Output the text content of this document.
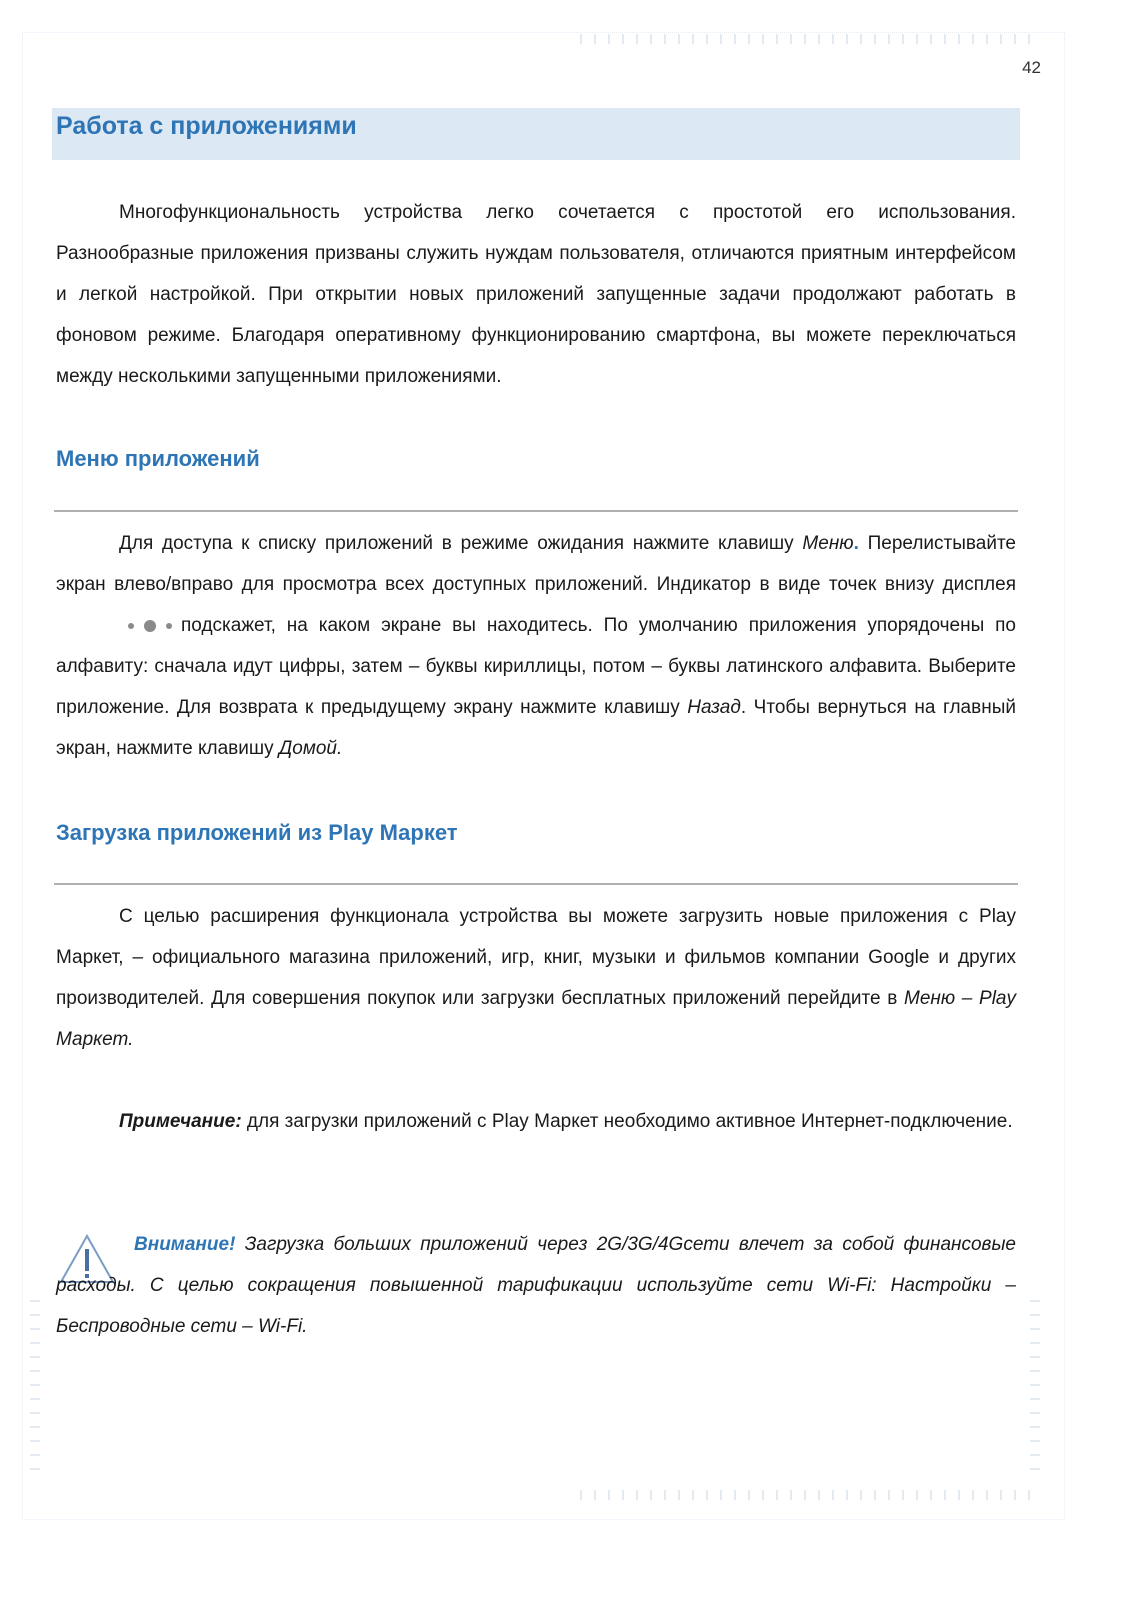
42
Работа с приложениями

Многофункциональность устройства легко сочетается с простотой его использования. Разнообразные приложения призваны служить нуждам пользователя, отличаются приятным интерфейсом и легкой настройкой. При открытии новых приложений запущенные задачи продолжают работать в фоновом режиме. Благодаря оперативному функционированию смартфона, вы можете переключаться между несколькими запущенными приложениями.

Меню приложений

Для доступа к списку приложений в режиме ожидания нажмите клавишу Меню. Перелистывайте экран влево/вправо для просмотра всех доступных приложений. Индикатор в виде точек внизу дисплеяподскажет, на каком экране вы находитесь. По умолчанию приложения упорядочены по алфавиту: сначала идут цифры, затем – буквы кириллицы, потом – буквы латинского алфавита. Выберите приложение. Для возврата к предыдущему экрану нажмите клавишу Назад. Чтобы вернуться на главный экран, нажмите клавишу Домой.

Загрузка приложений из Play Маркет

С целью расширения функционала устройства вы можете загрузить новые приложения с Play Маркет, – официального магазина приложений, игр, книг, музыки и фильмов компании Google и других производителей. Для совершения покупок или загрузки бесплатных приложений перейдите в Меню – Play Маркет.

Примечание: для загрузки приложений с Play Маркет необходимо активное Интернет-подключение.

Внимание! Загрузка больших приложений через 2G/3G/4Gсети влечет за собой финансовые расходы. С целью сокращения повышенной тарификации используйте сети Wi-Fi: Настройки – Беспроводные сети – Wi-Fi.
